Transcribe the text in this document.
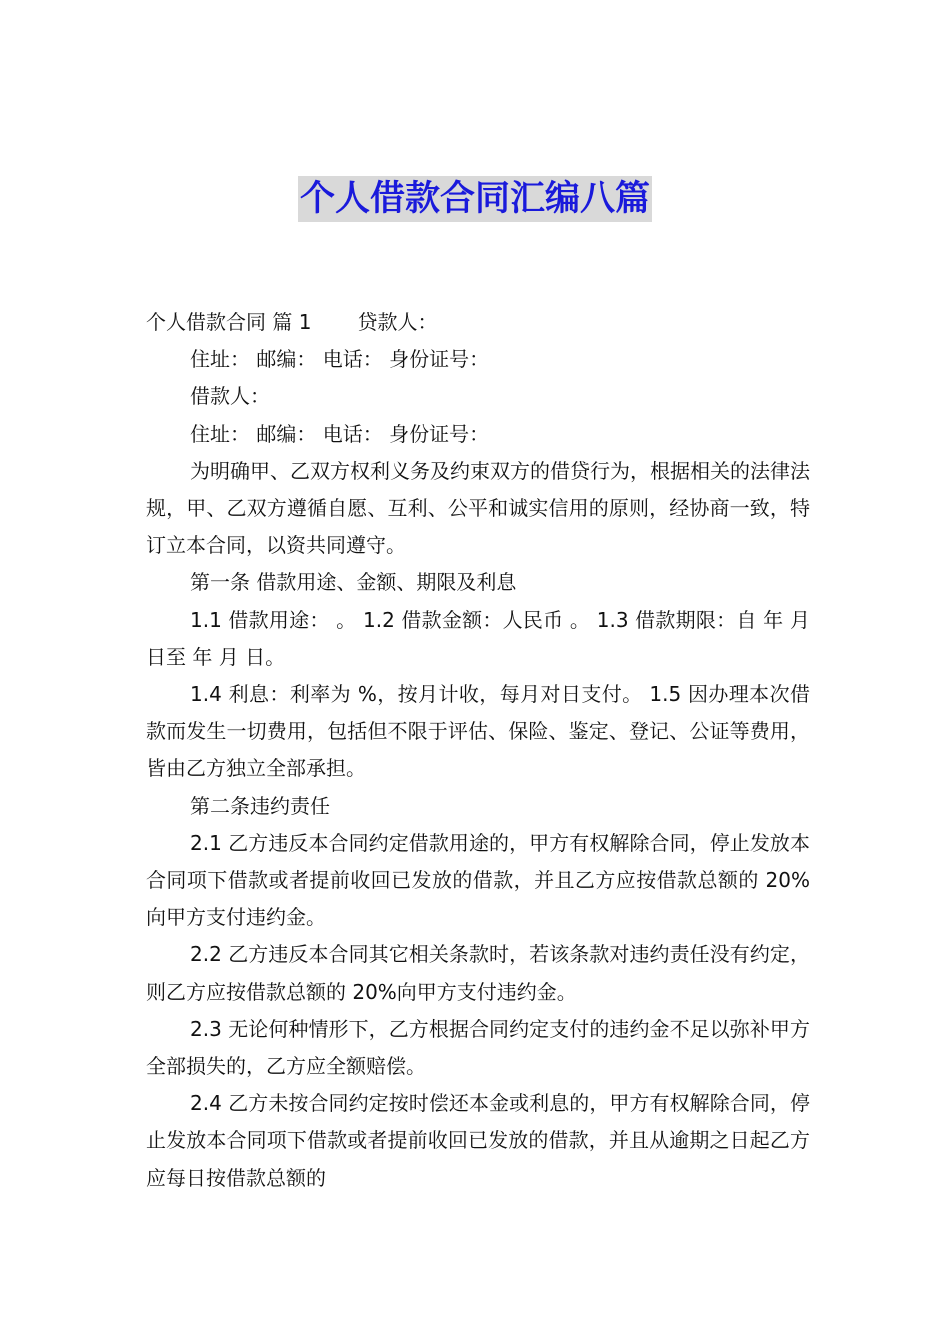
个人借款合同汇编八篇

个人借款合同 篇 1 贷款人：

住址： 邮编： 电话： 身份证号：

借款人：

住址： 邮编： 电话： 身份证号：

为明确甲、乙双方权利义务及约束双方的借贷行为，根据相关的法律法规，甲、乙双方遵循自愿、互利、公平和诚实信用的原则，经协商一致，特订立本合同，以资共同遵守。

第一条 借款用途、金额、期限及利息

1.1 借款用途： 。 1.2 借款金额：人民币 。 1.3 借款期限：自 年 月 日至 年 月 日。

1.4 利息：利率为 %，按月计收，每月对日支付。 1.5 因办理本次借款而发生一切费用，包括但不限于评估、保险、鉴定、登记、公证等费用，皆由乙方独立全部承担。

第二条违约责任

2.1 乙方违反本合同约定借款用途的，甲方有权解除合同，停止发放本合同项下借款或者提前收回已发放的借款，并且乙方应按借款总额的 20%向甲方支付违约金。

2.2 乙方违反本合同其它相关条款时，若该条款对违约责任没有约定，则乙方应按借款总额的 20%向甲方支付违约金。

2.3 无论何种情形下，乙方根据合同约定支付的违约金不足以弥补甲方全部损失的，乙方应全额赔偿。

2.4 乙方未按合同约定按时偿还本金或利息的，甲方有权解除合同，停止发放本合同项下借款或者提前收回已发放的借款，并且从逾期之日起乙方应每日按借款总额的
